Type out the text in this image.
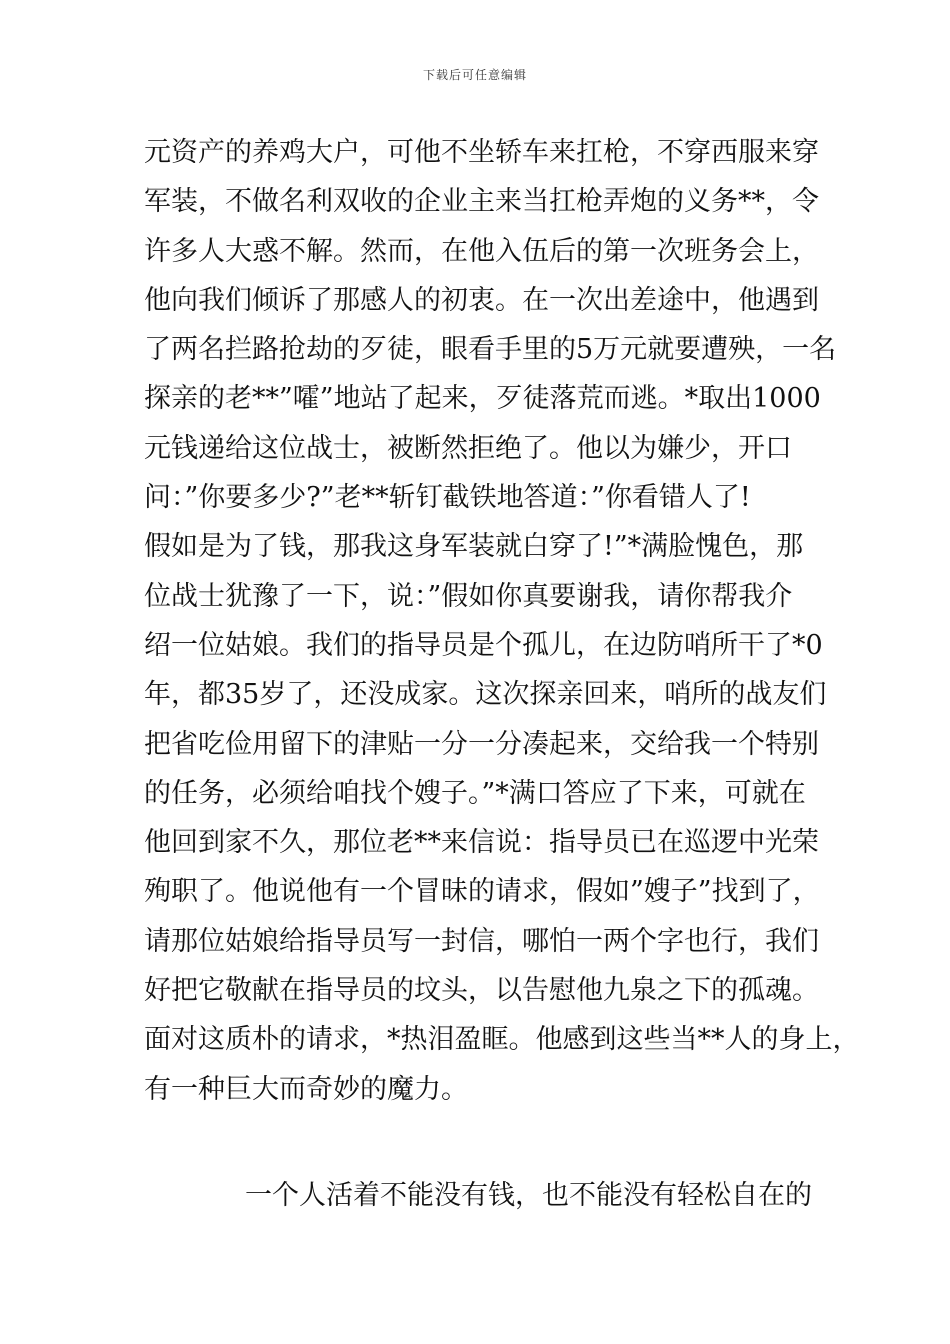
下载后可任意编辑
元资产的养鸡大户，可他不坐轿车来扛枪，不穿西服来穿
军装，不做名利双收的企业主来当扛枪弄炮的义务**，令
许多人大惑不解。然而，在他入伍后的第一次班务会上，
他向我们倾诉了那感人的初衷。在一次出差途中，他遇到
了两名拦路抢劫的歹徒，眼看手里的5万元就要遭殃，一名
探亲的老**”嚯”地站了起来，歹徒落荒而逃。*取出1000
元钱递给这位战士，被断然拒绝了。他以为嫌少，开口
问：”你要多少?”老**斩钉截铁地答道：”你看错人了!
假如是为了钱，那我这身军装就白穿了!”*满脸愧色，那
位战士犹豫了一下，说：”假如你真要谢我，请你帮我介
绍一位姑娘。我们的指导员是个孤儿，在边防哨所干了*0
年，都35岁了，还没成家。这次探亲回来，哨所的战友们
把省吃俭用留下的津贴一分一分凑起来，交给我一个特别
的任务，必须给咱找个嫂子。”*满口答应了下来，可就在
他回到家不久，那位老**来信说：指导员已在巡逻中光荣
殉职了。他说他有一个冒昧的请求，假如”嫂子”找到了，
请那位姑娘给指导员写一封信，哪怕一两个字也行，我们
好把它敬献在指导员的坟头，以告慰他九泉之下的孤魂。
面对这质朴的请求，*热泪盈眶。他感到这些当**人的身上，
有一种巨大而奇妙的魔力。
一个人活着不能没有钱，也不能没有轻松自在的
